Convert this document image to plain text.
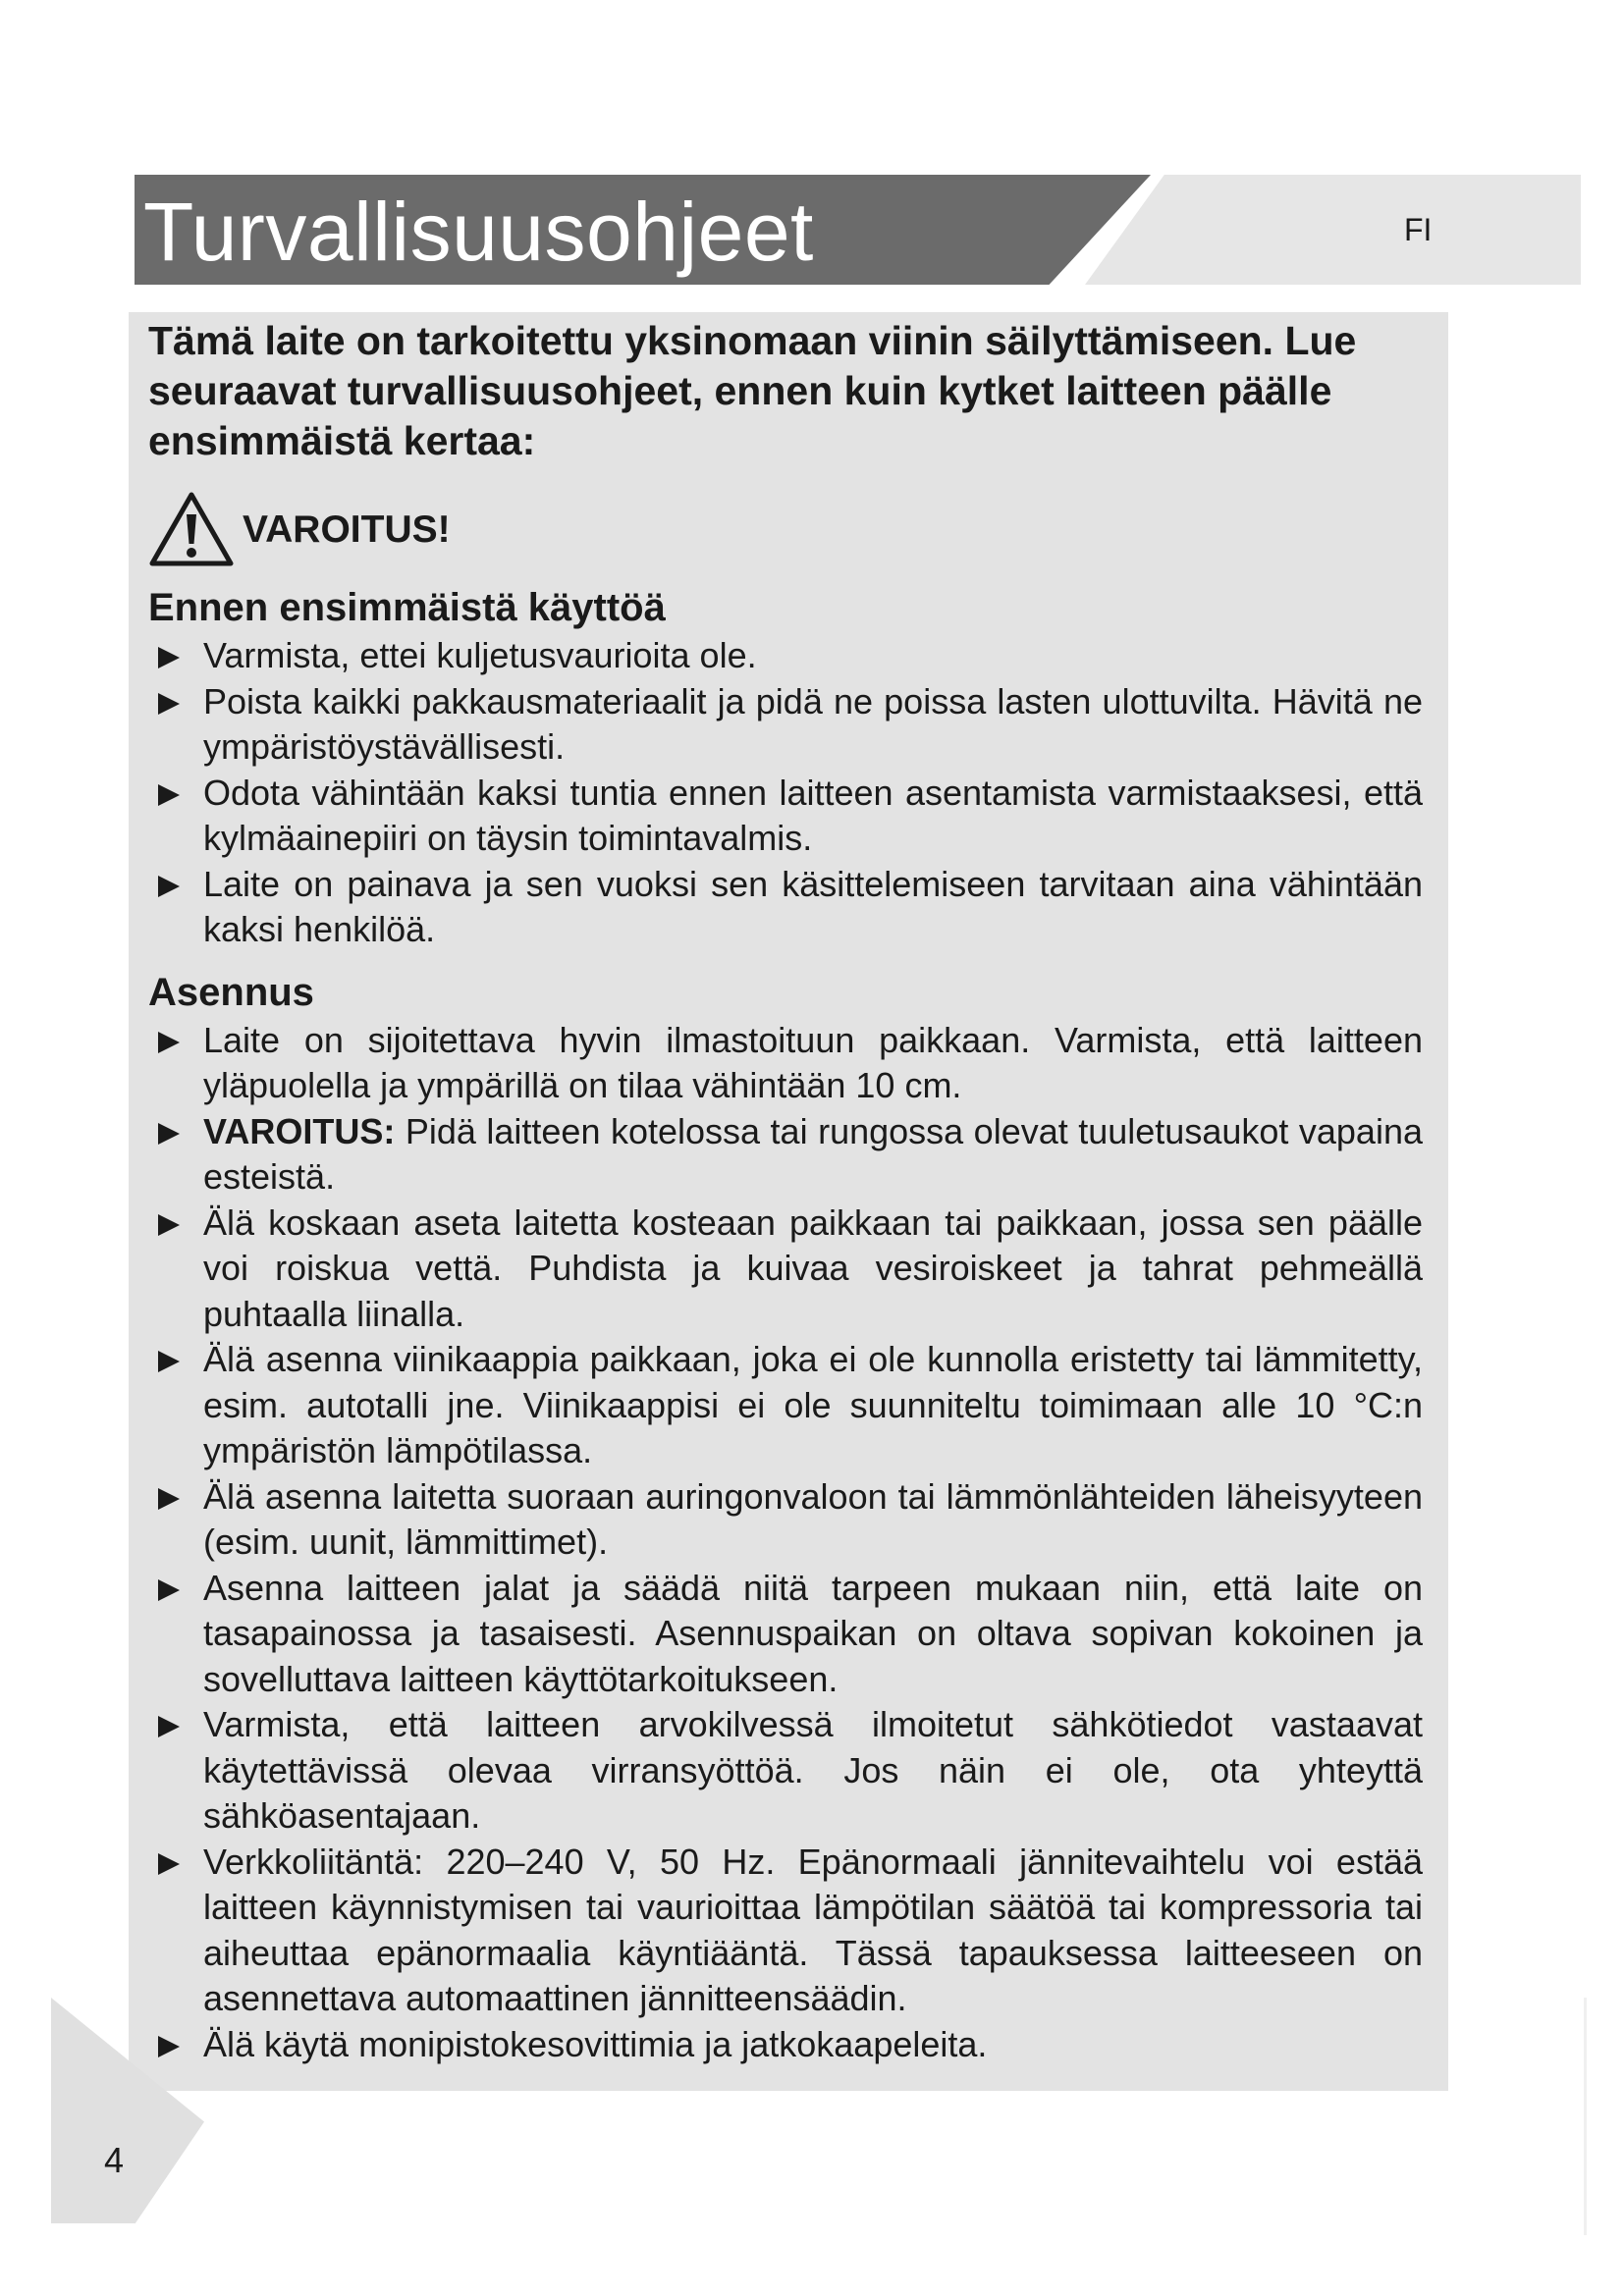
Turvallisuusohjeet	FI

Tämä laite on tarkoitettu yksinomaan viinin säilyttämiseen. Lue seuraavat turvallisuusohjeet, ennen kuin kytket laitteen päälle ensimmäistä kertaa:

VAROITUS!
Ennen ensimmäistä käyttöä
Varmista, ettei kuljetusvaurioita ole.
Poista kaikki pakkausmateriaalit ja pidä ne poissa lasten ulottuvilta. Hävitä ne ympäristöystävällisesti.
Odota vähintään kaksi tuntia ennen laitteen asentamista varmistaaksesi, että kylmäainepiiri on täysin toimintavalmis.
Laite on painava ja sen vuoksi sen käsittelemiseen tarvitaan aina vähintään kaksi henkilöä.
Asennus
Laite on sijoitettava hyvin ilmastoituun paikkaan. Varmista, että laitteen yläpuolella ja ympärillä on tilaa vähintään 10 cm.
VAROITUS: Pidä laitteen kotelossa tai rungossa olevat tuuletusaukot vapaina esteistä.
Älä koskaan aseta laitetta kosteaan paikkaan tai paikkaan, jossa sen päälle voi roiskua vettä. Puhdista ja kuivaa vesiroiskeet ja tahrat pehmeällä puhtaalla liinalla.
Älä asenna viinikaappia paikkaan, joka ei ole kunnolla eristetty tai lämmitetty, esim. autotalli jne. Viinikaappisi ei ole suunniteltu toimimaan alle 10 °C:n ympäristön lämpötilassa.
Älä asenna laitetta suoraan auringonvaloon tai lämmönlähteiden läheisyyteen (esim. uunit, lämmittimet).
Asenna laitteen jalat ja säädä niitä tarpeen mukaan niin, että laite on tasapainossa ja tasaisesti. Asennuspaikan on oltava sopivan kokoinen ja sovelluttava laitteen käyttötarkoitukseen.
Varmista, että laitteen arvokilvessä ilmoitetut sähkötiedot vastaavat käytettävissä olevaa virransyöttöä. Jos näin ei ole, ota yhteyttä sähköasentajaan.
Verkkoliitäntä: 220–240 V, 50 Hz. Epänormaali jännitevaihtelu voi estää laitteen käynnistymisen tai vaurioittaa lämpötilan säätöä tai kompressoria tai aiheuttaa epänormaalia käyntiääntä. Tässä tapauksessa laitteeseen on asennettava automaattinen jännitteensäädin.
Älä käytä monipistokesovittimia ja jatkokaapeleita.
4
